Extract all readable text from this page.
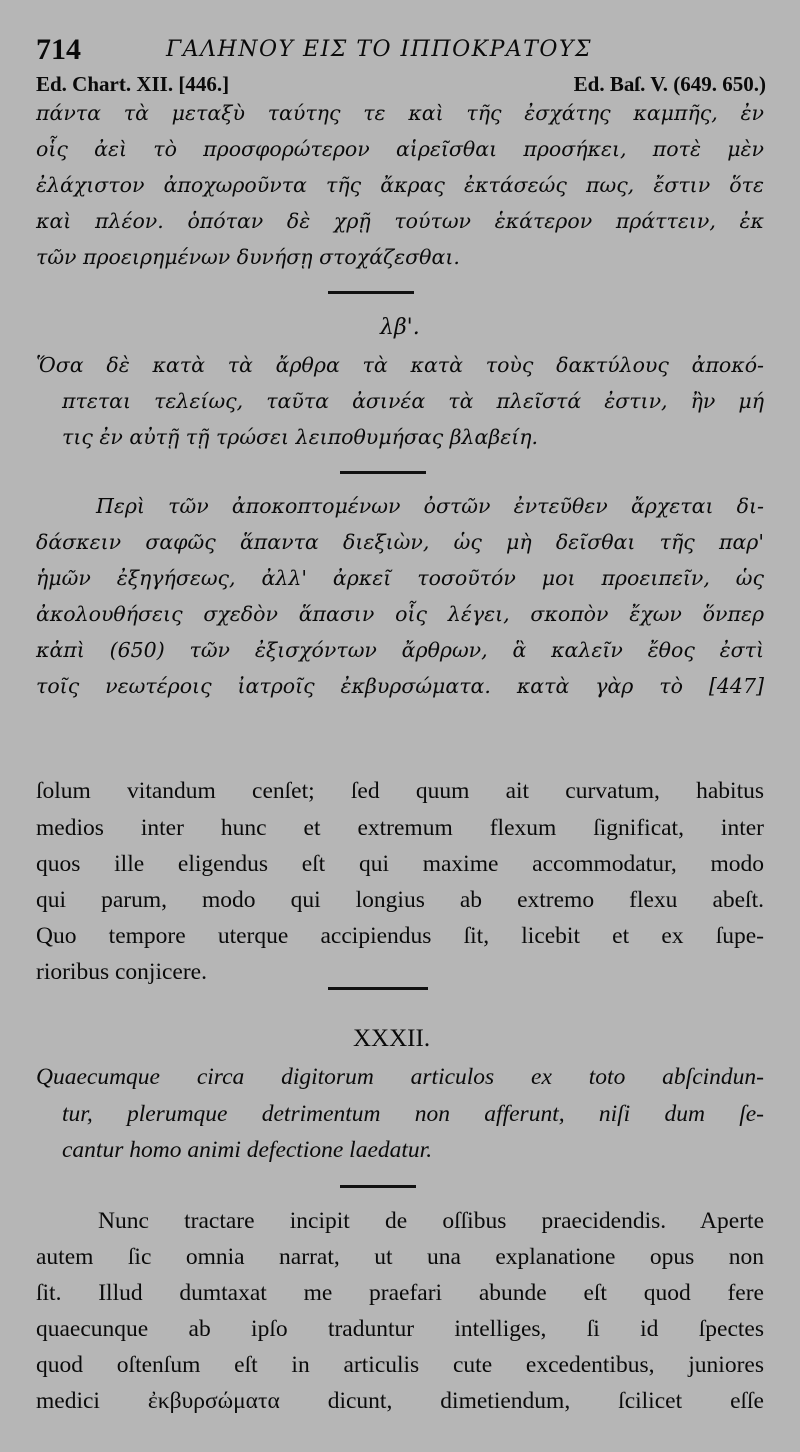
714	ΓΑΛΗΝΟΥ ΕΙΣ ΤΟ ΙΠΠΟΚΡΑΤΟΥΣ
Ed. Chart. XII. [446.]	Ed. Baſ. V. (649. 650.)
πάντα τὰ μεταξὺ ταύτης τε καὶ τῆς ἐσχάτης καμπῆς, ἐν
οἷς ἀεὶ τὸ προσφορώτερον αἱρεῖσθαι προσήκει, ποτὲ μὲν
ἐλάχιστον ἀποχωροῦντα τῆς ἄκρας ἐκτάσεώς πως, ἔστιν ὅτε
καὶ πλέον. ὁπόταν δὲ χρῇ τούτων ἑκάτερον πράττειν, ἐκ
τῶν προειρημένων δυνήσῃ στοχάζεσθαι.
λβ'.
Ὅσα δὲ κατὰ τὰ ἄρθρα τὰ κατὰ τοὺς δακτύλους ἀποκό-
πτεται τελείως, ταῦτα ἀσινέα τὰ πλεῖστά ἐστιν, ἢν μή
τις ἐν αὐτῇ τῇ τρώσει λειποθυμήσας βλαβείη.
Περὶ τῶν ἀποκοπτομένων ὀστῶν ἐντεῦθεν ἄρχεται δι-
δάσκειν σαφῶς ἅπαντα διεξιὼν, ὡς μὴ δεῖσθαι τῆς παρ'
ἡμῶν ἐξηγήσεως, ἀλλ' ἀρκεῖ τοσοῦτόν μοι προειπεῖν, ὡς
ἀκολουθήσεις σχεδὸν ἅπασιν οἷς λέγει, σκοπὸν ἔχων ὅνπερ
κἀπὶ (650) τῶν ἐξισχόντων ἄρθρων, ἃ καλεῖν ἔθος ἐστὶ
τοῖς νεωτέροις ἰατροῖς ἐκβυρσώματα. κατὰ γὰρ τὸ [447]
ſolum vitandum cenſet; ſed quum ait curvatum, habitus
medios inter hunc et extremum flexum ſignificat, inter
quos ille eligendus eſt qui maxime accommodatur, modo
qui parum, modo qui longius ab extremo flexu abeſt.
Quo tempore uterque accipiendus ſit, licebit et ex ſupe-
rioribus conjicere.
XXXII.
Quaecumque circa digitorum articulos ex toto abſcindun-
tur, plerumque detrimentum non afferunt, niſi dum ſe-
cantur homo animi defectione laedatur.
Nunc tractare incipit de oſſibus praecidendis. Aperte
autem ſic omnia narrat, ut una explanatione opus non
ſit. Illud dumtaxat me praefari abunde eſt quod fere
quaecunque ab ipſo traduntur intelliges, ſi id ſpectes
quod oſtenſum eſt in articulis cute excedentibus, juniores
medici ἐκβυρσώματα dicunt, dimetiendum, ſcilicet eſſe
